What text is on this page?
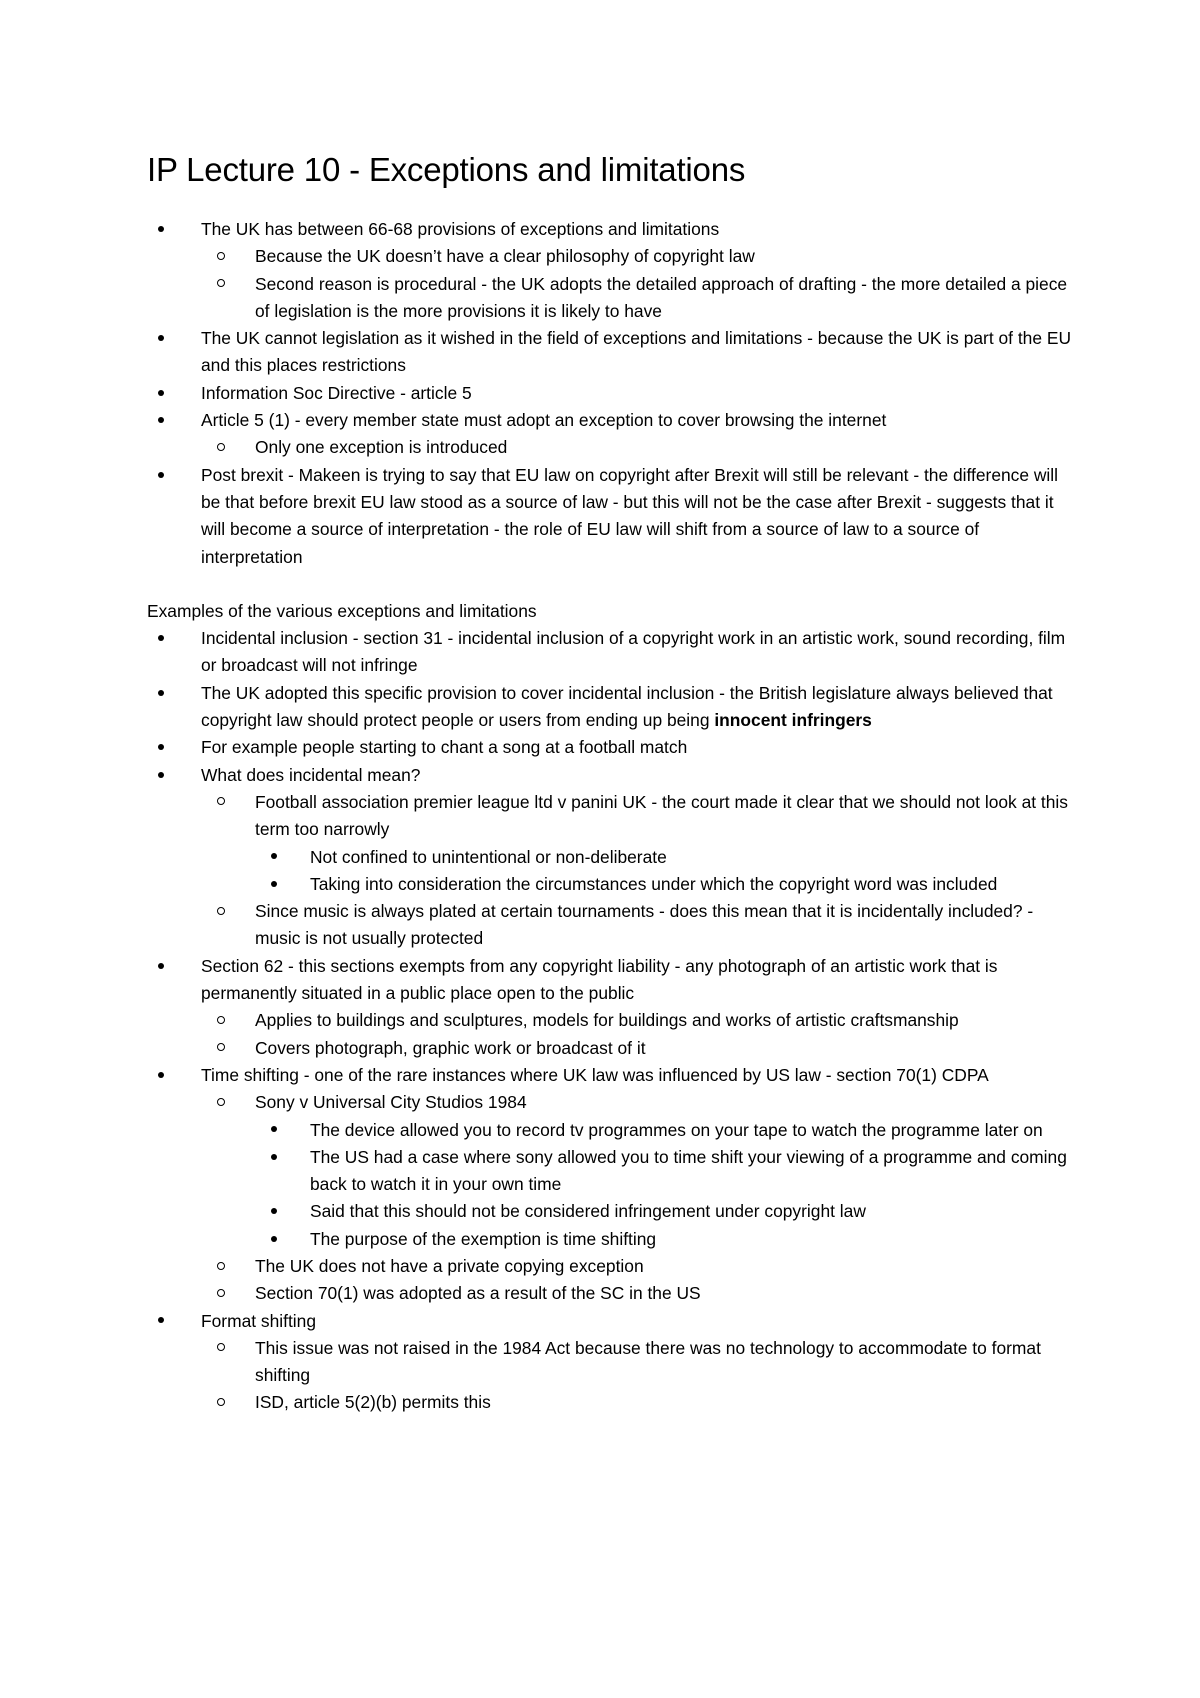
IP Lecture 10 - Exceptions and limitations
The UK has between 66-68 provisions of exceptions and limitations
Because the UK doesn’t have a clear philosophy of copyright law
Second reason is procedural - the UK adopts the detailed approach of drafting - the more detailed a piece of legislation is the more provisions it is likely to have
The UK cannot legislation as it wished in the field of exceptions and limitations - because the UK is part of the EU and this places restrictions
Information Soc Directive - article 5
Article 5 (1) - every member state must adopt an exception to cover browsing the internet
Only one exception is introduced
Post brexit - Makeen is trying to say that EU law on copyright after Brexit will still be relevant - the difference will be that before brexit EU law stood as a source of law - but this will not be the case after Brexit - suggests that it will become a source of interpretation - the role of EU law will shift from a source of law to a source of interpretation
Examples of the various exceptions and limitations
Incidental inclusion - section 31 - incidental inclusion of a copyright work in an artistic work, sound recording, film or broadcast will not infringe
The UK adopted this specific provision to cover incidental inclusion - the British legislature always believed that copyright law should protect people or users from ending up being innocent infringers
For example people starting to chant a song at a football match
What does incidental mean?
Football association premier league ltd v panini UK - the court made it clear that we should not look at this term too narrowly
Not confined to unintentional or non-deliberate
Taking into consideration the circumstances under which the copyright word was included
Since music is always plated at certain tournaments - does this mean that it is incidentally included? - music is not usually protected
Section 62 - this sections exempts from any copyright liability - any photograph of an artistic work that is permanently situated in a public place open to the public
Applies to buildings and sculptures, models for buildings and works of artistic craftsmanship
Covers photograph, graphic work or broadcast of it
Time shifting - one of the rare instances where UK law was influenced by US law - section 70(1) CDPA
Sony v Universal City Studios 1984
The device allowed you to record tv programmes on your tape to watch the programme later on
The US had a case where sony allowed you to time shift your viewing of a programme and coming back to watch it in your own time
Said that this should not be considered infringement under copyright law
The purpose of the exemption is time shifting
The UK does not have a private copying exception
Section 70(1) was adopted as a result of the SC in the US
Format shifting
This issue was not raised in the 1984 Act because there was no technology to accommodate to format shifting
ISD, article 5(2)(b) permits this
